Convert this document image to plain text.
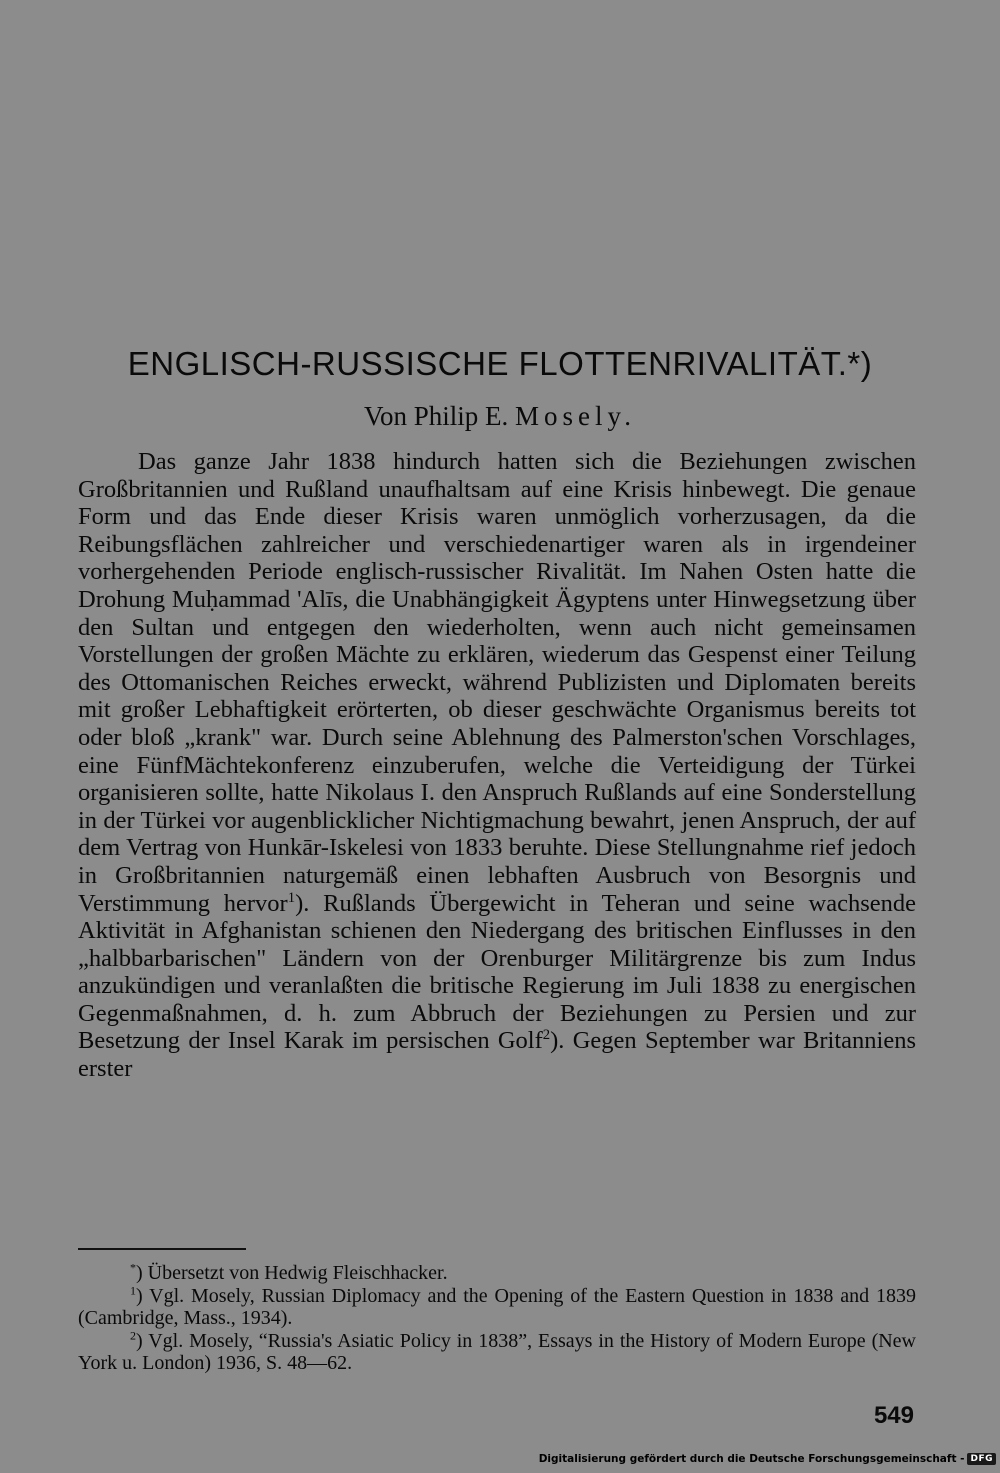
ENGLISCH-RUSSISCHE FLOTTENRIVALITÄT.*)
Von Philip E. Mosely.

Das ganze Jahr 1838 hindurch hatten sich die Beziehungen zwischen Großbritannien und Rußland unaufhaltsam auf eine Krisis hinbewegt. Die genaue Form und das Ende dieser Krisis waren unmöglich vorherzusagen, da die Reibungsflächen zahlreicher und verschiedenartiger waren als in irgendeiner vorhergehenden Periode englisch-russischer Rivalität. Im Nahen Osten hatte die Drohung Muḥammad 'Alīs, die Unabhängigkeit Ägyptens unter Hinwegsetzung über den Sultan und entgegen den wiederholten, wenn auch nicht gemeinsamen Vorstellungen der großen Mächte zu erklären, wiederum das Gespenst einer Teilung des Ottomanischen Reiches erweckt, während Publizisten und Diplomaten bereits mit großer Lebhaftigkeit erörterten, ob dieser geschwächte Organismus bereits tot oder bloß „krank" war. Durch seine Ablehnung des Palmerston'schen Vorschlages, eine FünfMächtekonferenz einzuberufen, welche die Verteidigung der Türkei organisieren sollte, hatte Nikolaus I. den Anspruch Rußlands auf eine Sonderstellung in der Türkei vor augenblicklicher Nichtigmachung bewahrt, jenen Anspruch, der auf dem Vertrag von Hunkār-Iskelesi von 1833 beruhte. Diese Stellungnahme rief jedoch in Großbritannien naturgemäß einen lebhaften Ausbruch von Besorgnis und Verstimmung hervor$^1$). Rußlands Übergewicht in Teheran und seine wachsende Aktivität in Afghanistan schienen den Niedergang des britischen Einflusses in den „halbbarbarischen" Ländern von der Orenburger Militärgrenze bis zum Indus anzukündigen und veranlaßten die britische Regierung im Juli 1838 zu energischen Gegenmaßnahmen, d. h. zum Abbruch der Beziehungen zu Persien und zur Besetzung der Insel Karak im persischen Golf$^2$). Gegen September war Britanniens erster

*) Übersetzt von Hedwig Fleischhacker.

$^1$) Vgl. Mosely, Russian Diplomacy and the Opening of the Eastern Question in 1838 and 1839 (Cambridge, Mass., 1934).

$^2$) Vgl. Mosely, “Russia's Asiatic Policy in 1838”, Essays in the History of Modern Europe (New York u. London) 1936, S. 48—62.

549
Digitalisierung gefördert durch die Deutsche Forschungsgemeinschaft - DFG
